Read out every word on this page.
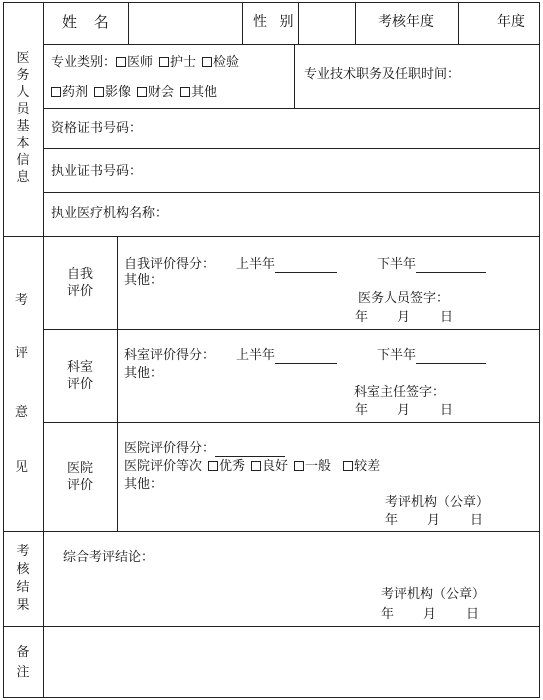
姓 名	性 别	考核年度	年度
医
务
人
员
基
本
信
息
专业类别： 医师 护士 检验
药剂 影像 财会 其他
专业技术职务及任职时间：
资格证书号码：
执业证书号码：
执业医疗机构名称：
考
评
意
见
自我评价
自我评价得分： 上半年	下半年
其他：
医务人员签字：
年 月 日
科室评价
科室评价得分： 上半年	下半年
其他：
科室主任签字：
年 月 日
医院评价
医院评价得分：
医院评价等次 优秀 良好 一般 较差
其他：
考评机构（公章）
年 月 日
考
核
结
果
综合考评结论：
考评机构（公章）
年 月 日
备
注
